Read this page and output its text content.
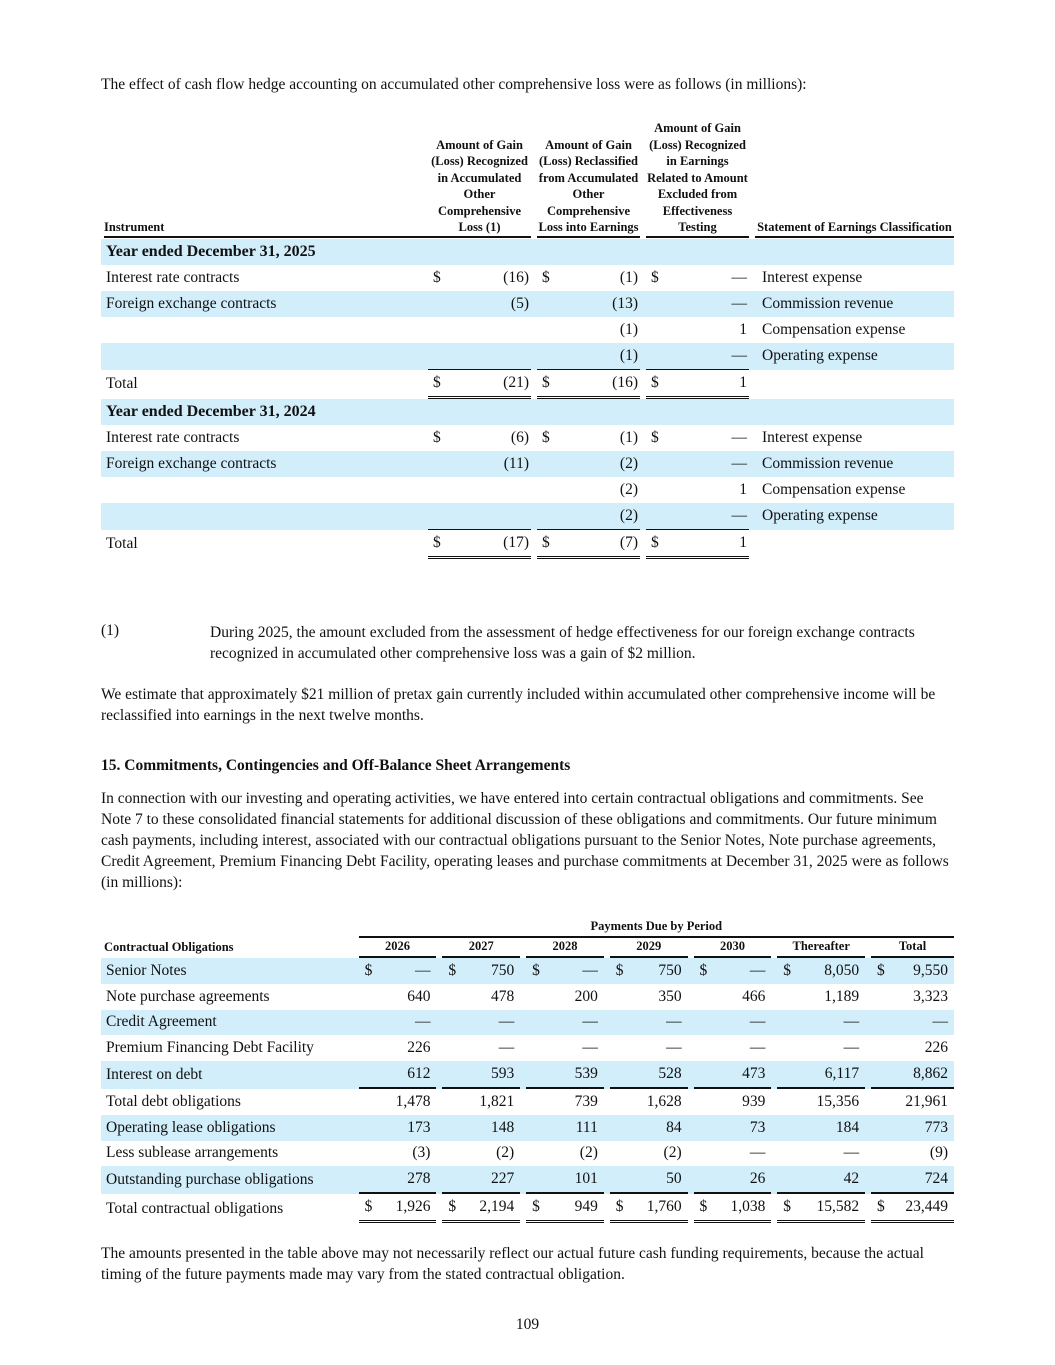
The effect of cash flow hedge accounting on accumulated other comprehensive loss were as follows (in millions):

Instrument	Amount of Gain (Loss) Recognized in Accumulated Other Comprehensive Loss (1)		Amount of Gain (Loss) Reclassified from Accumulated Other Comprehensive Loss into Earnings		Amount of Gain (Loss) Recognized in Earnings Related to Amount Excluded from Effectiveness Testing		Statement of Earnings Classification

Year ended December 31, 2025							
Interest rate contracts	$ (16)		$ (1)		$ —		Interest expense
Foreign exchange contracts	(5)		(13)		—		Commission revenue

			(1)		1		Compensation expense

			(1)		—		Operating expense
Total	$ (21)		$ (16)		$ 1		

Year ended December 31, 2024							
Interest rate contracts	$ (6)		$ (1)		$ —		Interest expense
Foreign exchange contracts	(11)		(2)		—		Commission revenue

			(2)		1		Compensation expense

			(2)		—		Operating expense
Total	$ (17)		$ (7)		$ 1		

(1)	During 2025, the amount excluded from the assessment of hedge effectiveness for our foreign exchange contracts recognized in accumulated other comprehensive loss was a gain of $2 million.

We estimate that approximately $21 million of pretax gain currently included within accumulated other comprehensive income will be reclassified into earnings in the next twelve months.

15. Commitments, Contingencies and Off-Balance Sheet Arrangements

In connection with our investing and operating activities, we have entered into certain contractual obligations and commitments. See Note 7 to these consolidated financial statements for additional discussion of these obligations and commitments. Our future minimum cash payments, including interest, associated with our contractual obligations pursuant to the Senior Notes, Note purchase agreements, Credit Agreement, Premium Financing Debt Facility, operating leases and purchase commitments at December 31, 2025 were as follows (in millions):

	Payments Due by Period												
Contractual Obligations	2026		2027		2028		2029		2030		Thereafter		Total

Senior Notes	$ —		$ 750		$ —		$ 750		$ —		$ 8,050		$ 9,550

Note purchase agreements	640		478		200		350		466		1,189		3,323

Credit Agreement	—		—		—		—		—		—		—

Premium Financing Debt Facility	226		—		—		—		—		—		226

Interest on debt	612		593		539		528		473		6,117		8,862

Total debt obligations	1,478		1,821		739		1,628		939		15,356		21,961

Operating lease obligations	173		148		111		84		73		184		773

Less sublease arrangements	(3)		(2)		(2)		(2)		—		—		(9)

Outstanding purchase obligations	278		227		101		50		26		42		724

Total contractual obligations	$ 1,926		$ 2,194		$ 949		$ 1,760		$ 1,038		$ 15,582		$ 23,449

The amounts presented in the table above may not necessarily reflect our actual future cash funding requirements, because the actual timing of the future payments made may vary from the stated contractual obligation.

109
